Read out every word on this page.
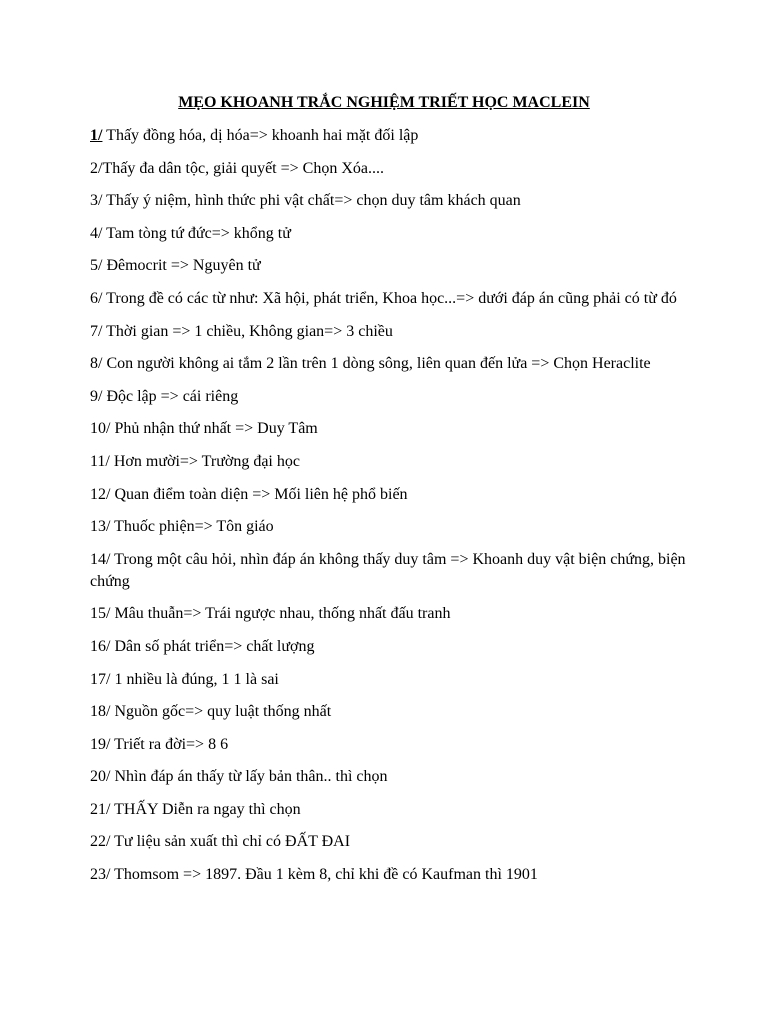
MẸO KHOANH TRẮC NGHIỆM TRIẾT HỌC MACLEIN
1/ Thấy đồng hóa, dị hóa=> khoanh hai mặt đối lập
2/Thấy đa dân tộc, giải quyết => Chọn Xóa....
3/ Thấy ý niệm, hình thức phi vật chất=> chọn duy tâm khách quan
4/ Tam tòng tứ đức=> khổng tử
5/ Đêmocrit => Nguyên tử
6/ Trong đề có các từ như: Xã hội, phát triển, Khoa học...=> dưới đáp án cũng phải có từ đó
7/ Thời gian => 1 chiều, Không gian=> 3 chiều
8/ Con người không ai tắm 2 lần trên 1 dòng sông, liên quan đến lửa => Chọn Heraclite
9/ Độc lập => cái riêng
10/ Phủ nhận thứ nhất => Duy Tâm
11/ Hơn mười=> Trường đại học
12/ Quan điểm toàn diện => Mối liên hệ phổ biến
13/ Thuốc phiện=> Tôn giáo
14/ Trong một câu hỏi, nhìn đáp án không thấy duy tâm => Khoanh duy vật biện chứng, biện chứng
15/ Mâu thuẫn=> Trái ngược nhau, thống nhất đấu tranh
16/ Dân số phát triển=> chất lượng
17/ 1 nhiều là đúng, 1 1 là sai
18/ Nguồn gốc=> quy luật thống nhất
19/ Triết ra đời=> 8 6
20/ Nhìn đáp án thấy từ lấy bản thân.. thì chọn
21/ THẤY Diễn ra ngay thì chọn
22/ Tư liệu sản xuất thì chỉ có ĐẤT ĐAI
23/ Thomsom => 1897. Đầu 1 kèm 8, chỉ khi đề có Kaufman thì 1901
